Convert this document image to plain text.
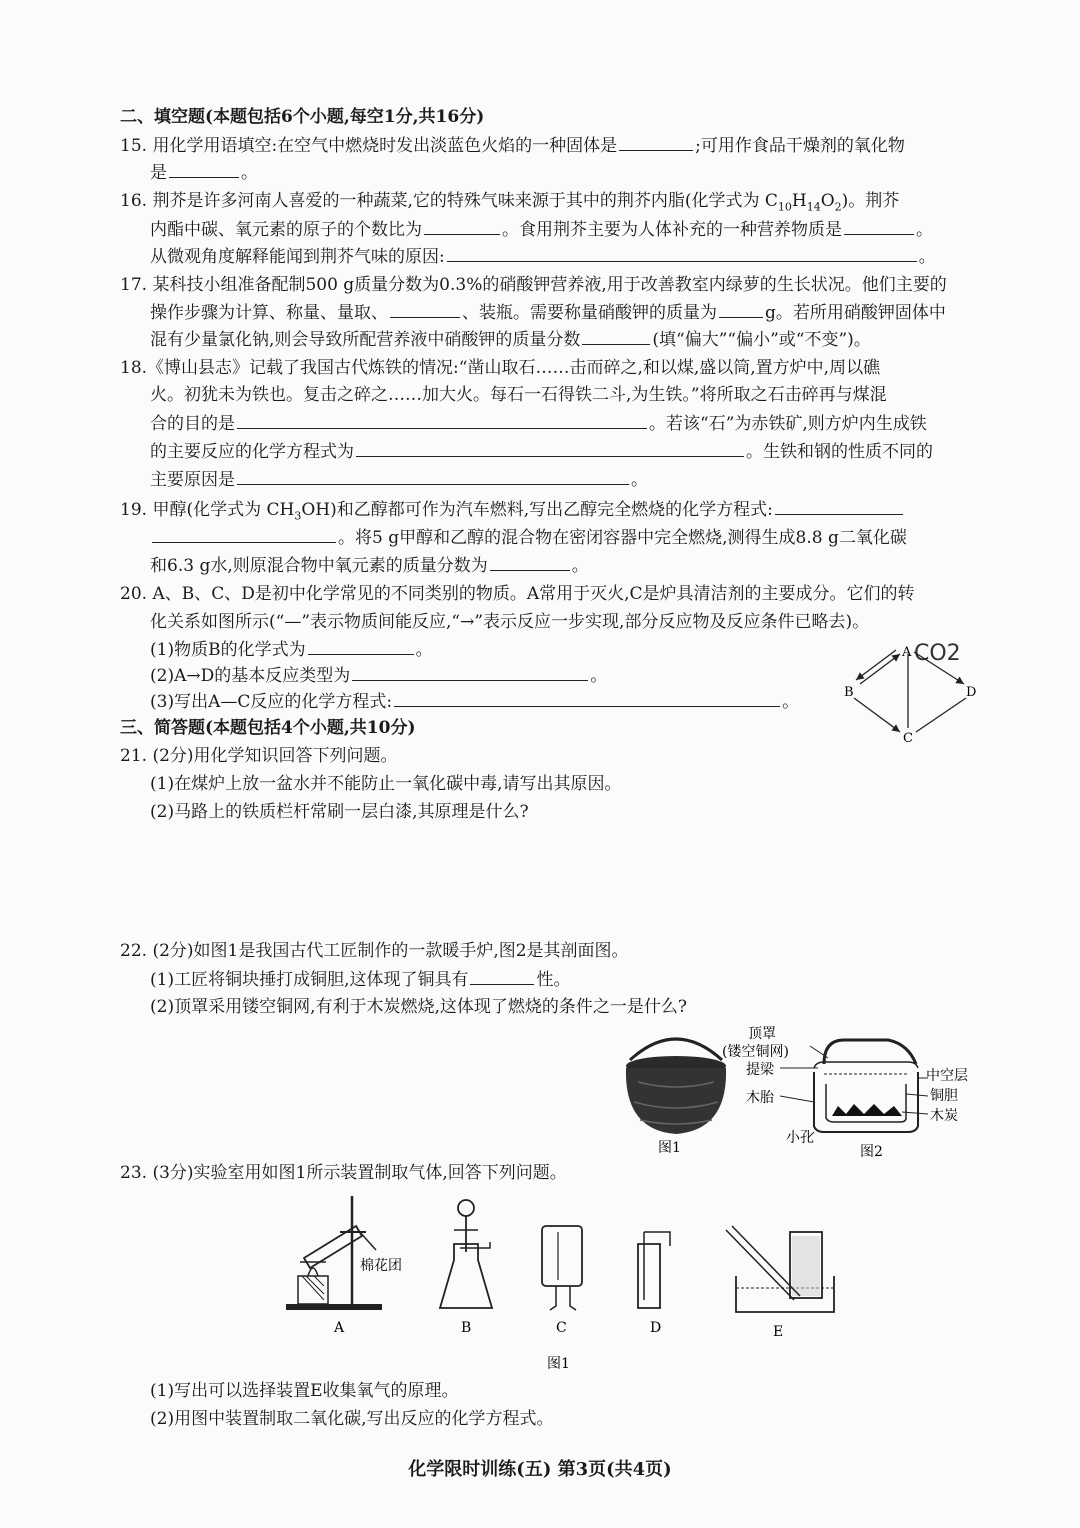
二、填空题(本题包括6个小题,每空1分,共16分)
15. 用化学用语填空:在空气中燃烧时发出淡蓝色火焰的一种固体是	;可用作食品干燥剂的氧化物
是	。
16. 荆芥是许多河南人喜爱的一种蔬菜,它的特殊气味来源于其中的荆芥内脂(化学式为 $C_{10}H_{14}O_2$)。荆芥
内酯中碳、氧元素的原子的个数比为	。食用荆芥主要为人体补充的一种营养物质是	。
从微观角度解释能闻到荆芥气味的原因:	。
17. 某科技小组准备配制500 g质量分数为0.3%的硝酸钾营养液,用于改善教室内绿萝的生长状况。他们主要的
操作步骤为计算、称量、量取、	、装瓶。需要称量硝酸钾的质量为	g。若所用硝酸钾固体中
混有少量氯化钠,则会导致所配营养液中硝酸钾的质量分数	(填“偏大”“偏小”或“不变”)。
18.《博山县志》记载了我国古代炼铁的情况:“凿山取石……击而碎之,和以煤,盛以筒,置方炉中,周以礁
火。初犹未为铁也。复击之碎之……加大火。每石一石得铁二斗,为生铁。”将所取之石击碎再与煤混
合的目的是	。若该“石”为赤铁矿,则方炉内生成铁
的主要反应的化学方程式为	。生铁和钢的性质不同的
主要原因是	。
19. 甲醇(化学式为 $CH_3OH$)和乙醇都可作为汽车燃料,写出乙醇完全燃烧的化学方程式:
。将5 g甲醇和乙醇的混合物在密闭容器中完全燃烧,测得生成8.8 g二氧化碳
和6.3 g水,则原混合物中氧元素的质量分数为	。
20. A、B、C、D是初中化学常见的不同类别的物质。A常用于灭火,C是炉具清洁剂的主要成分。它们的转
化关系如图所示(“—”表示物质间能反应,“→”表示反应一步实现,部分反应物及反应条件已略去)。
(1)物质B的化学式为	。
(2)A→D的基本反应类型为	。
(3)写出A—C反应的化学方程式:	。
A CO2
B	D
C
三、简答题(本题包括4个小题,共10分)
21. (2分)用化学知识回答下列问题。
(1)在煤炉上放一盆水并不能防止一氧化碳中毒,请写出其原因。
(2)马路上的铁质栏杆常刷一层白漆,其原理是什么?
22. (2分)如图1是我国古代工匠制作的一款暖手炉,图2是其剖面图。
(1)工匠将铜块捶打成铜胆,这体现了铜具有	性。
(2)顶罩采用镂空铜网,有利于木炭燃烧,这体现了燃烧的条件之一是什么?
图1
顶罩
(镂空铜网)
提梁
木胎
中空层
铜胆
木炭
小孔
图2
23. (3分)实验室用如图1所示装置制取气体,回答下列问题。
棉花团
A	B	C	D	E
图1
(1)写出可以选择装置E收集氧气的原理。
(2)用图中装置制取二氧化碳,写出反应的化学方程式。
化学限时训练(五) 第3页(共4页)
